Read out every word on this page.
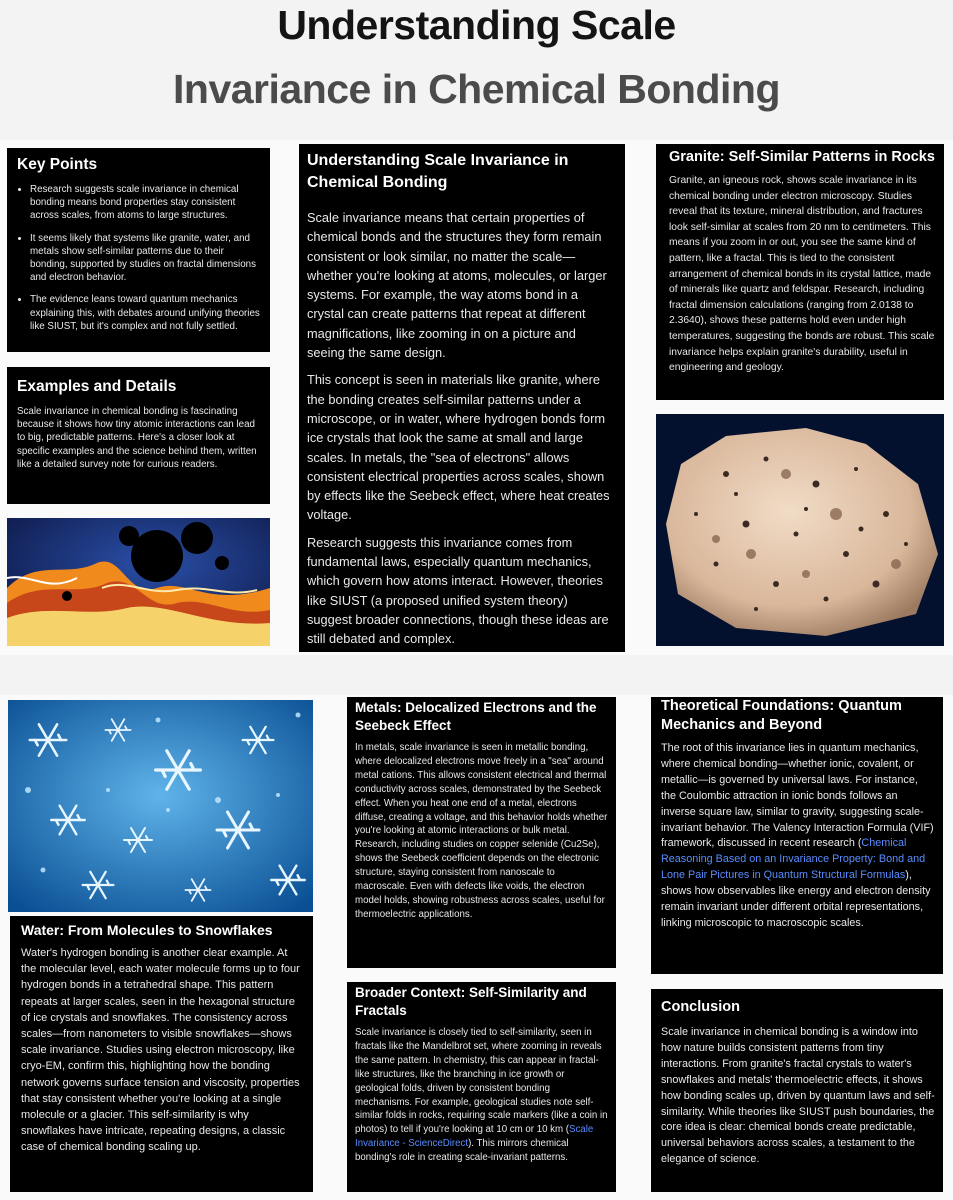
Understanding Scale
Invariance in Chemical Bonding
Key Points
• Research suggests scale invariance in chemical bonding means bond properties stay consistent across scales, from atoms to large structures.
• It seems likely that systems like granite, water, and metals show self-similar patterns due to their bonding, supported by studies on fractal dimensions and electron behavior.
• The evidence leans toward quantum mechanics explaining this, with debates around unifying theories like SIUST, but it's complex and not fully settled.
Examples and Details

Scale invariance in chemical bonding is fascinating because it shows how tiny atomic interactions can lead to big, predictable patterns. Here's a closer look at specific examples and the science behind them, written like a detailed survey note for curious readers.

Understanding Scale Invariance in Chemical Bonding

Scale invariance means that certain properties of chemical bonds and the structures they form remain consistent or look similar, no matter the scale—whether you're looking at atoms, molecules, or larger systems. For example, the way atoms bond in a crystal can create patterns that repeat at different magnifications, like zooming in on a picture and seeing the same design.

This concept is seen in materials like granite, where the bonding creates self-similar patterns under a microscope, or in water, where hydrogen bonds form ice crystals that look the same at small and large scales. In metals, the "sea of electrons" allows consistent electrical properties across scales, shown by effects like the Seebeck effect, where heat creates voltage.

Research suggests this invariance comes from fundamental laws, especially quantum mechanics, which govern how atoms interact. However, theories like SIUST (a proposed unified system theory) suggest broader connections, though these ideas are still debated and complex.

Granite: Self-Similar Patterns in Rocks

Granite, an igneous rock, shows scale invariance in its chemical bonding under electron microscopy. Studies reveal that its texture, mineral distribution, and fractures look self-similar at scales from 20 nm to centimeters. This means if you zoom in or out, you see the same kind of pattern, like a fractal. This is tied to the consistent arrangement of chemical bonds in its crystal lattice, made of minerals like quartz and feldspar. Research, including fractal dimension calculations (ranging from 2.0138 to 2.3640), shows these patterns hold even under high temperatures, suggesting the bonds are robust. This scale invariance helps explain granite's durability, useful in engineering and geology.

Water: From Molecules to Snowflakes

Water's hydrogen bonding is another clear example. At the molecular level, each water molecule forms up to four hydrogen bonds in a tetrahedral shape. This pattern repeats at larger scales, seen in the hexagonal structure of ice crystals and snowflakes. The consistency across scales—from nanometers to visible snowflakes—shows scale invariance. Studies using electron microscopy, like cryo-EM, confirm this, highlighting how the bonding network governs surface tension and viscosity, properties that stay consistent whether you're looking at a single molecule or a glacier. This self-similarity is why snowflakes have intricate, repeating designs, a classic case of chemical bonding scaling up.

Metals: Delocalized Electrons and the Seebeck Effect

In metals, scale invariance is seen in metallic bonding, where delocalized electrons move freely in a "sea" around metal cations. This allows consistent electrical and thermal conductivity across scales, demonstrated by the Seebeck effect. When you heat one end of a metal, electrons diffuse, creating a voltage, and this behavior holds whether you're looking at atomic interactions or bulk metal. Research, including studies on copper selenide (Cu2Se), shows the Seebeck coefficient depends on the electronic structure, staying consistent from nanoscale to macroscale. Even with defects like voids, the electron model holds, showing robustness across scales, useful for thermoelectric applications.

Broader Context: Self-Similarity and Fractals

Scale invariance is closely tied to self-similarity, seen in fractals like the Mandelbrot set, where zooming in reveals the same pattern. In chemistry, this can appear in fractal-like structures, like the branching in ice growth or geological folds, driven by consistent bonding mechanisms. For example, geological studies note self-similar folds in rocks, requiring scale markers (like a coin in photos) to tell if you're looking at 10 cm or 10 km (Scale Invariance - ScienceDirect). This mirrors chemical bonding's role in creating scale-invariant patterns.

Theoretical Foundations: Quantum Mechanics and Beyond

The root of this invariance lies in quantum mechanics, where chemical bonding—whether ionic, covalent, or metallic—is governed by universal laws. For instance, the Coulombic attraction in ionic bonds follows an inverse square law, similar to gravity, suggesting scale-invariant behavior. The Valency Interaction Formula (VIF) framework, discussed in recent research (Chemical Reasoning Based on an Invariance Property: Bond and Lone Pair Pictures in Quantum Structural Formulas), shows how observables like energy and electron density remain invariant under different orbital representations, linking microscopic to macroscopic scales.

Conclusion

Scale invariance in chemical bonding is a window into how nature builds consistent patterns from tiny interactions. From granite's fractal crystals to water's snowflakes and metals' thermoelectric effects, it shows how bonding scales up, driven by quantum laws and self-similarity. While theories like SIUST push boundaries, the core idea is clear: chemical bonds create predictable, universal behaviors across scales, a testament to the elegance of science.
